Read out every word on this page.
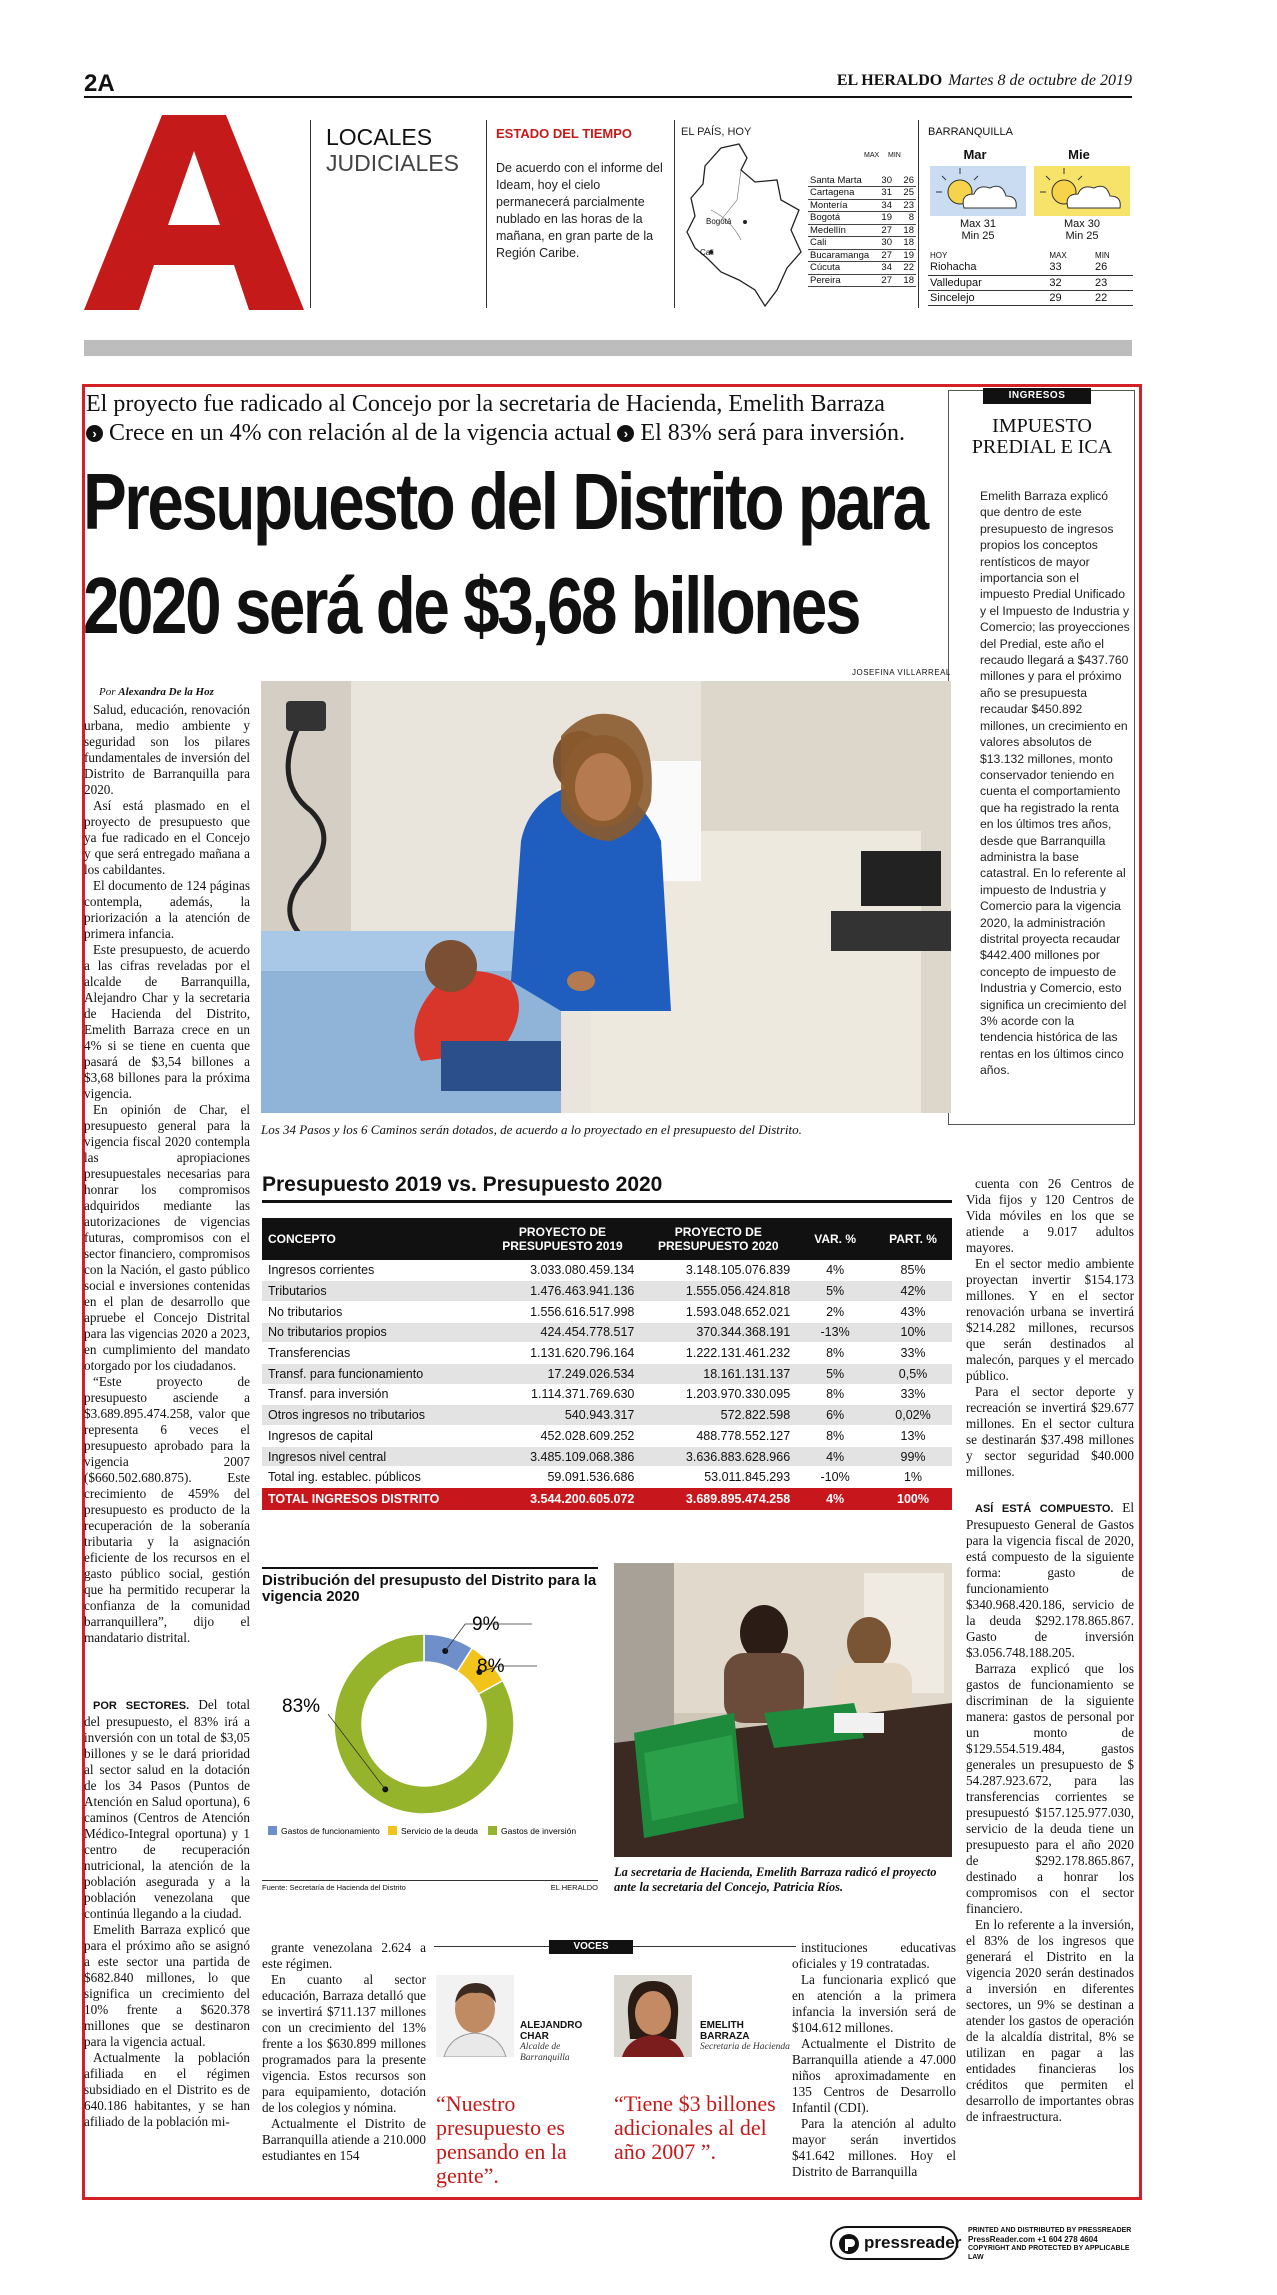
2A	EL HERALDO Martes 8 de octubre de 2019
LOCALES
JUDICIALES
ESTADO DEL TIEMPO
De acuerdo con el informe del Ideam, hoy el cielo permanecerá parcialmente nublado en las horas de la mañana, en gran parte de la Región Caribe.
EL PAÍS, HOY
Bogotá
Cali
MAX MIN
Santa Marta	30	26
Cartagena	31	25
Montería	34	23
Bogotá	19	8
Medellín	27	18
Cali	30	18
Bucaramanga	27	19
Cúcuta	34	22
Pereira	27	18
BARRANQUILLA
Mar	Mie
Max 31
Min 25
Max 30
Min 25
HOY	MAX	MIN
Riohacha	33	26
Valledupar	32	23
Sincelejo	29	22
El proyecto fue radicado al Concejo por la secretaria de Hacienda, Emelith Barraza
› Crece en un 4% con relación al de la vigencia actual › El 83% será para inversión.
Presupuesto del Distrito para
2020 será de $3,68 billones
INGRESOS
IMPUESTO PREDIAL E ICA
Emelith Barraza explicó que dentro de este presupuesto de ingresos propios los conceptos rentísticos de mayor importancia son el impuesto Predial Unificado y el Impuesto de Industria y Comercio; las proyecciones del Predial, este año el recaudo llegará a $437.760 millones y para el próximo año se presupuesta recaudar $450.892 millones, un crecimiento en valores absolutos de $13.132 millones, monto conservador teniendo en cuenta el comportamiento que ha registrado la renta en los últimos tres años, desde que Barranquilla administra la base catastral. En lo referente al impuesto de Industria y Comercio para la vigencia 2020, la administración distrital proyecta recaudar $442.400 millones por concepto de impuesto de Industria y Comercio, esto significa un crecimiento del 3% acorde con la tendencia histórica de las rentas en los últimos cinco años.
Por Alexandra De la Hoz
JOSEFINA VILLARREAL
Los 34 Pasos y los 6 Caminos serán dotados, de acuerdo a lo proyectado en el presupuesto del Distrito.

Salud, educación, renovación urbana, medio ambiente y seguridad son los pilares fundamentales de inversión del Distrito de Barranquilla para 2020.

Así está plasmado en el proyecto de presupuesto que ya fue radicado en el Concejo y que será entregado mañana a los cabildantes.

El documento de 124 páginas contempla, además, la priorización a la atención de primera infancia.

Este presupuesto, de acuerdo a las cifras reveladas por el alcalde de Barranquilla, Alejandro Char y la secretaria de Hacienda del Distrito, Emelith Barraza crece en un 4% si se tiene en cuenta que pasará de $3,54 billones a $3,68 billones para la próxima vigencia.

En opinión de Char, el presupuesto general para la vigencia fiscal 2020 contempla las apropiaciones presupuestales necesarias para honrar los compromisos adquiridos mediante las autorizaciones de vigencias futuras, compromisos con el sector financiero, compromisos con la Nación, el gasto público social e inversiones contenidas en el plan de desarrollo que apruebe el Concejo Distrital para las vigencias 2020 a 2023, en cumplimiento del mandato otorgado por los ciudadanos.

“Este proyecto de presupuesto asciende a $3.689.895.474.258, valor que representa 6 veces el presupuesto aprobado para la vigencia 2007 ($660.502.680.875). Este crecimiento de 459% del presupuesto es producto de la recuperación de la soberanía tributaria y la asignación eficiente de los recursos en el gasto público social, gestión que ha permitido recuperar la confianza de la comunidad barranquillera”, dijo el mandatario distrital.

POR SECTORES. Del total del presupuesto, el 83% irá a inversión con un total de $3,05 billones y se le dará prioridad al sector salud en la dotación de los 34 Pasos (Puntos de Atención en Salud oportuna), 6 caminos (Centros de Atención Médico-Integral oportuna) y 1 centro de recuperación nutricional, la atención de la población asegurada y a la población venezolana que continúa llegando a la ciudad.

Emelith Barraza explicó que para el próximo año se asignó a este sector una partida de $682.840 millones, lo que significa un crecimiento del 10% frente a $620.378 millones que se destinaron para la vigencia actual.

Actualmente la población afiliada en el régimen subsidiado en el Distrito es de 640.186 habitantes, y se han afiliado de la población mi-

Presupuesto 2019 vs. Presupuesto 2020
CONCEPTO	PROYECTO DE PRESUPUESTO 2019	PROYECTO DE PRESUPUESTO 2020	VAR. %	PART. %
Ingresos corrientes	3.033.080.459.134	3.148.105.076.839	4%	85%
Tributarios	1.476.463.941.136	1.555.056.424.818	5%	42%
No tributarios	1.556.616.517.998	1.593.048.652.021	2%	43%
No tributarios propios	424.454.778.517	370.344.368.191	-13%	10%
Transferencias	1.131.620.796.164	1.222.131.461.232	8%	33%
Transf. para funcionamiento	17.249.026.534	18.161.131.137	5%	0,5%
Transf. para inversión	1.114.371.769.630	1.203.970.330.095	8%	33%
Otros ingresos no tributarios	540.943.317	572.822.598	6%	0,02%
Ingresos de capital	452.028.609.252	488.778.552.127	8%	13%
Ingresos nivel central	3.485.109.068.386	3.636.883.628.966	4%	99%
Total ing. estableс. públicos	59.091.536.686	53.011.845.293	-10%	1%
TOTAL INGRESOS DISTRITO	3.544.200.605.072	3.689.895.474.258	4%	100%
Distribución del presupusto del Distrito para la vigencia 2020
9%
8%
83%
Gastos de funcionamiento Servicio de la deuda	Gastos de inversión
Fuente: Secretaría de Hacienda del Distrito	EL HERALDO
La secretaria de Hacienda, Emelith Barraza radicó el proyecto ante la secretaria del Concejo, Patricia Ríos.

grante venezolana 2.624 a este régimen.

En cuanto al sector educación, Barraza detalló que se invertirá $711.137 millones con un crecimiento del 13% frente a los $630.899 millones programados para la presente vigencia. Estos recursos son para equipamiento, dotación de los colegios y nómina.

Actualmente el Distrito de Barranquilla atiende a 210.000 estudiantes en 154

instituciones educativas oficiales y 19 contratadas.

La funcionaria explicó que en atención a la primera infancia la inversión será de $104.612 millones.

Actualmente el Distrito de Barranquilla atiende a 47.000 niños aproximadamente en 135 Centros de Desarrollo Infantil (CDI).

Para la atención al adulto mayor serán invertidos $41.642 millones. Hoy el Distrito de Barranquilla

cuenta con 26 Centros de Vida fijos y 120 Centros de Vida móviles en los que se atiende a 9.017 adultos mayores.

En el sector medio ambiente proyectan invertir $154.173 millones. Y en el sector renovación urbana se invertirá $214.282 millones, recursos que serán destinados al malecón, parques y el mercado público.

Para el sector deporte y recreación se invertirá $29.677 millones. En el sector cultura se destinarán $37.498 millones y sector seguridad $40.000 millones.

ASÍ ESTÁ COMPUESTO. El Presupuesto General de Gastos para la vigencia fiscal de 2020, está compuesto de la siguiente forma: gasto de funcionamiento $340.968.420.186, servicio de la deuda $292.178.865.867. Gasto de inversión $3.056.748.188.205.

Barraza explicó que los gastos de funcionamiento se discriminan de la siguiente manera: gastos de personal por un monto de $129.554.519.484, gastos generales un presupuesto de $ 54.287.923.672, para las transferencias corrientes se presupuestó $157.125.977.030, servicio de la deuda tiene un presupuesto para el año 2020 de $292.178.865.867, destinado a honrar los compromisos con el sector financiero.

En lo referente a la inversión, el 83% de los ingresos que generará el Distrito en la vigencia 2020 serán destinados a inversión en diferentes sectores, un 9% se destinan a atender los gastos de operación de la alcaldía distrital, 8% se utilizan en pagar a las entidades financieras los créditos que permiten el desarrollo de importantes obras de infraestructura.

VOCES
ALEJANDRO CHAR
Alcalde de Barranquilla
“Nuestro presupuesto es pensando en la gente”.
EMELITH BARRAZA
Secretaria de Hacienda
“Tiene $3 billones adicionales al del año 2007 ”.
pressreader
PRINTED AND DISTRIBUTED BY PRESSREADER
PressReader.com +1 604 278 4604
COPYRIGHT AND PROTECTED BY APPLICABLE LAW
